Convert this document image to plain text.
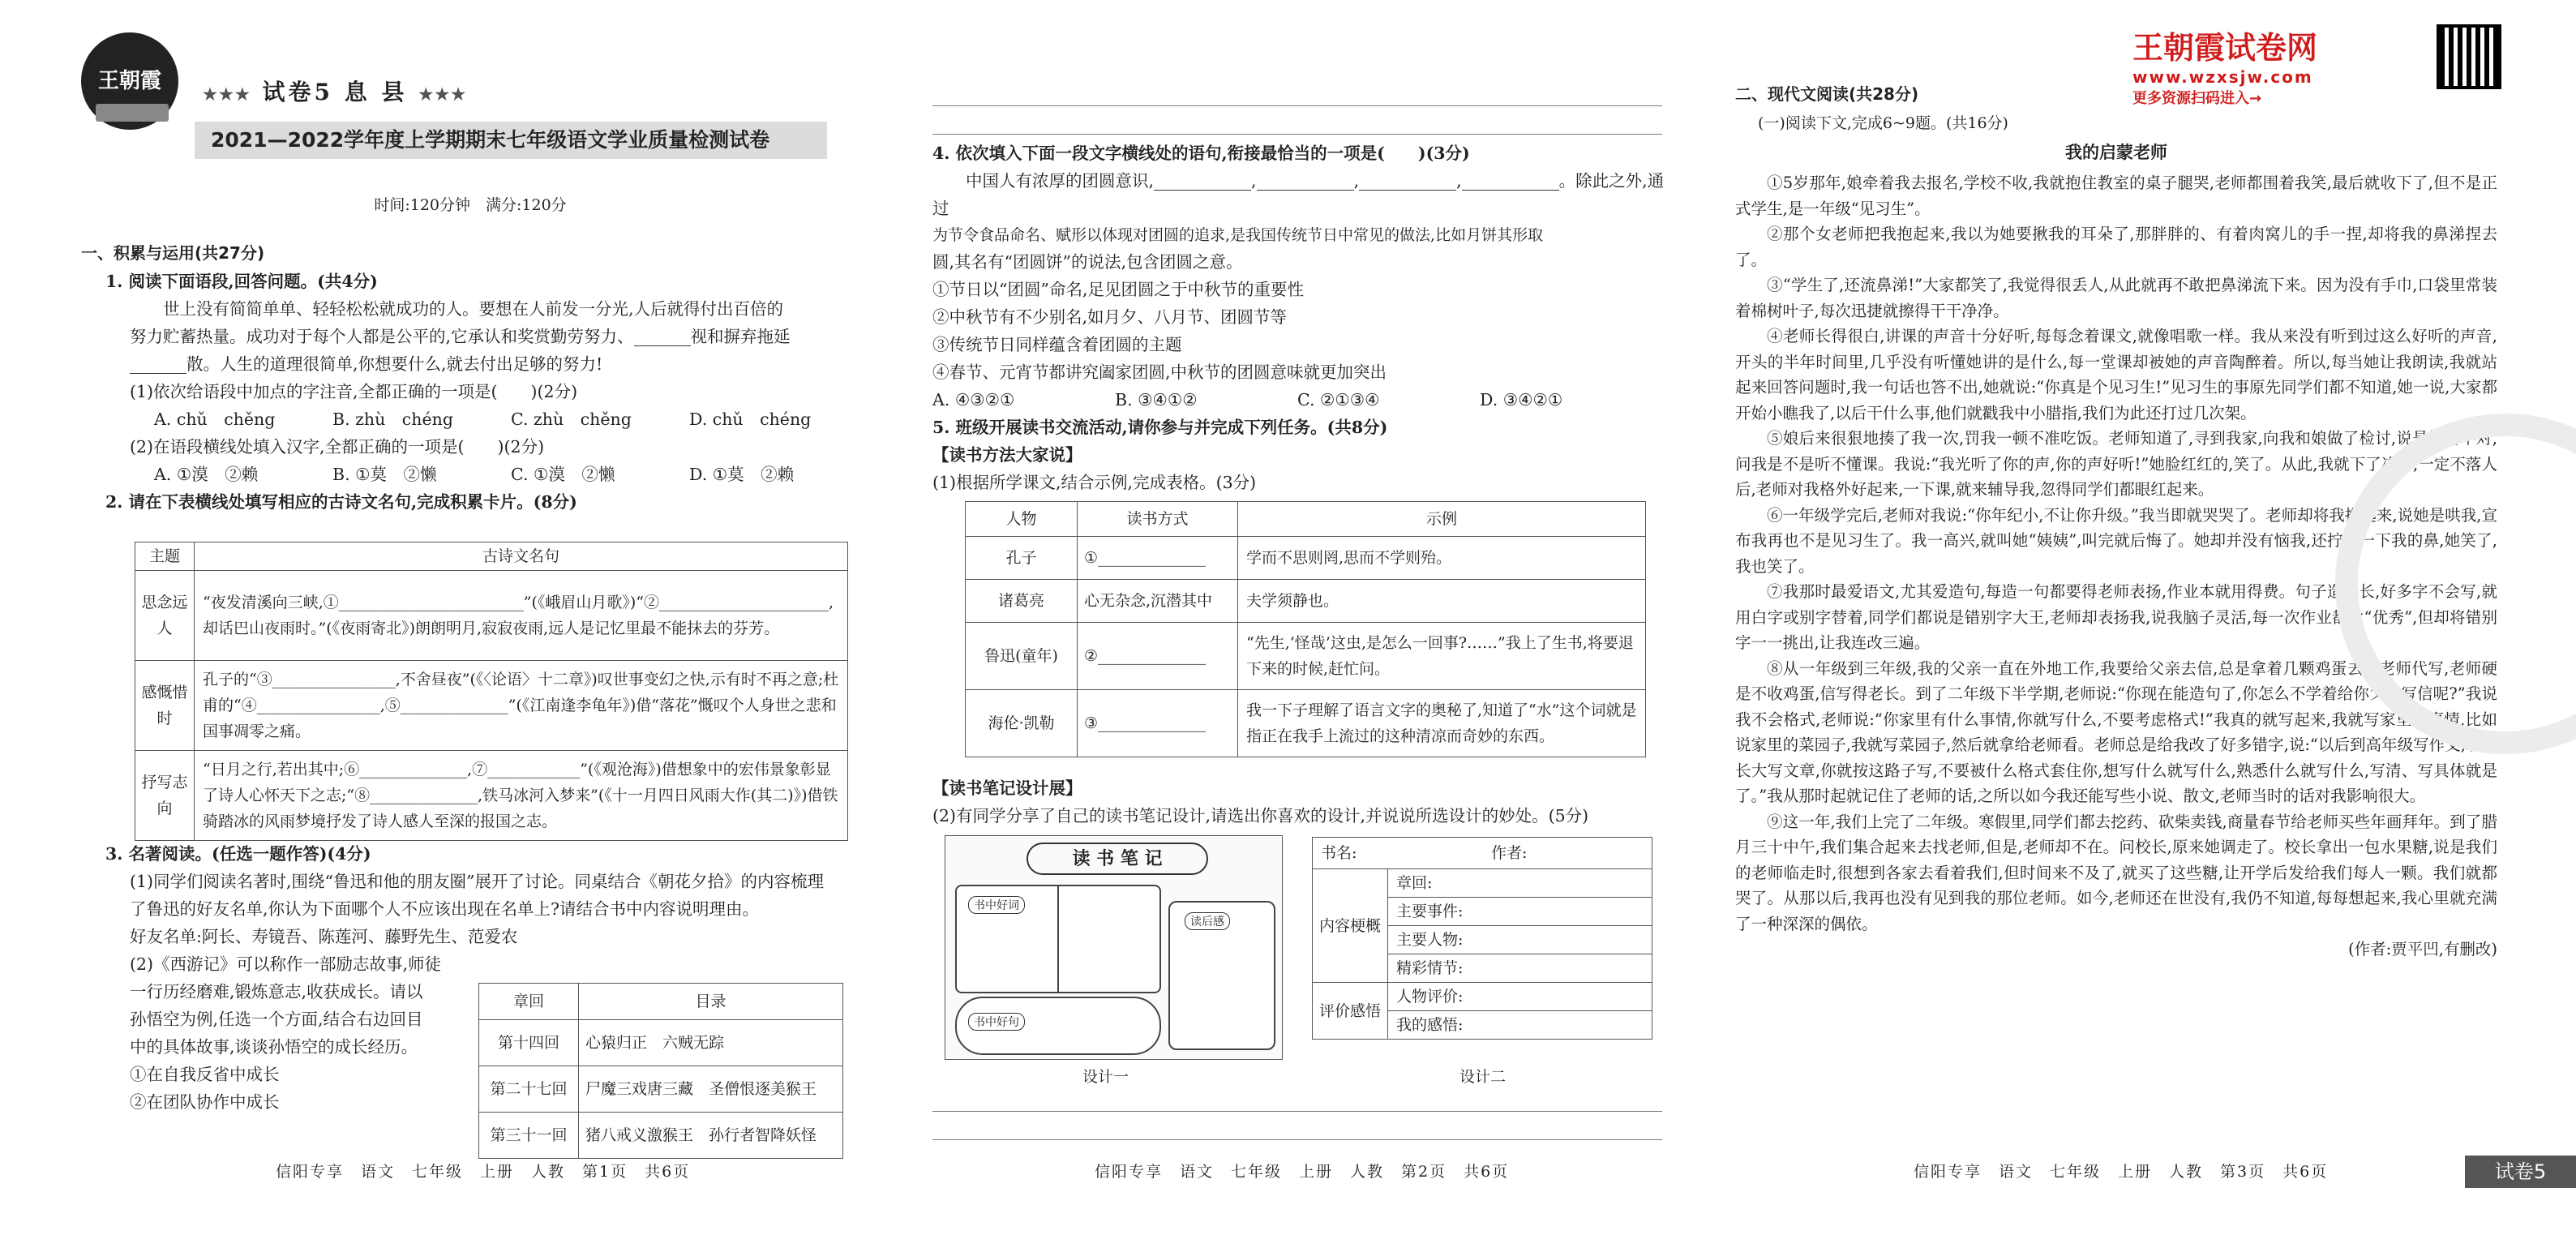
王朝霞
★★★ 试卷5 息 县 ★★★
2021—2022学年度上学期期末七年级语文学业质量检测试卷
时间:120分钟　满分:120分
一、积累与运用(共27分)

1. 阅读下面语段,回答问题。(共4分)

世上没有简简单单、轻轻松松就成功的人。要想在人前发一分光,人后就得付出百倍的

努力贮蓄热量。成功对于每个人都是公平的,它承认和奖赏勤劳努力、	视和摒弃拖延

散。人生的道理很简单,你想要什么,就去付出足够的努力!

(1)依次给语段中加点的字注音,全都正确的一项是(　　)(2分)

A. chǔ　chěng	B. zhù　chéng	C. zhù　chěng	D. chǔ　chéng

(2)在语段横线处填入汉字,全都正确的一项是(　　)(2分)

A. ①漠　②赖	B. ①莫　②懒	C. ①漠　②懒	D. ①莫　②赖

2. 请在下表横线处填写相应的古诗文名句,完成积累卡片。(8分)

主题	古诗文名句
思念远人	“夜发清溪向三峡,①________________________”(《峨眉山月歌》)“②______________________,却话巴山夜雨时。”(《夜雨寄北》)朗朗明月,寂寂夜雨,远人是记忆里最不能抹去的芬芳。
感慨惜时	孔子的“③________________,不舍昼夜”(《〈论语〉十二章》)叹世事变幻之快,示有时不再之意;杜甫的“④________________,⑤______________”(《江南逢李龟年》)借“落花”慨叹个人身世之悲和国事凋零之痛。
抒写志向	“日月之行,若出其中;⑥______________,⑦____________”(《观沧海》)借想象中的宏伟景象彰显了诗人心怀天下之志;“⑧______________,铁马冰河入梦来”(《十一月四日风雨大作(其二)》)借铁骑踏冰的风雨梦境抒发了诗人感人至深的报国之志。

3. 名著阅读。(任选一题作答)(4分)

(1)同学们阅读名著时,围绕“鲁迅和他的朋友圈”展开了讨论。同桌结合《朝花夕拾》的内容梳理

了鲁迅的好友名单,你认为下面哪个人不应该出现在名单上?请结合书中内容说明理由。

好友名单:阿长、寿镜吾、陈莲河、藤野先生、范爱农

(2)《西游记》可以称作一部励志故事,师徒

一行历经磨难,锻炼意志,收获成长。请以

孙悟空为例,任选一个方面,结合右边回目

中的具体故事,谈谈孙悟空的成长经历。

①在自我反省中成长

②在团队协作中成长

章回	目录
第十四回	心猿归正　六贼无踪
第二十七回	尸魔三戏唐三藏　圣僧恨逐美猴王
第三十一回	猪八戒义激猴王　孙行者智降妖怪
信阳专享　语文　七年级　上册　人教　第1页　共6页

4. 依次填入下面一段文字横线处的语句,衔接最恰当的一项是(　　)(3分)

中国人有浓厚的团圆意识,	,	,	,	。除此之外,通过

为节令食品命名、赋形以体现对团圆的追求,是我国传统节日中常见的做法,比如月饼其形取

圆,其名有“团圆饼”的说法,包含团圆之意。

①节日以“团圆”命名,足见团圆之于中秋节的重要性

②中秋节有不少别名,如月夕、八月节、团圆节等

③传统节日同样蕴含着团圆的主题

④春节、元宵节都讲究阖家团圆,中秋节的团圆意味就更加突出

A. ④③②①	B. ③④①②	C. ②①③④	D. ③④②①

5. 班级开展读书交流活动,请你参与并完成下列任务。(共8分)

【读书方法大家说】

(1)根据所学课文,结合示例,完成表格。(3分)

人物	读书方式	示例
孔子	①______________	学而不思则罔,思而不学则殆。
诸葛亮	心无杂念,沉潜其中	夫学须静也。
鲁迅(童年)	②______________	“先生,‘怪哉’这虫,是怎么一回事?……”我上了生书,将要退下来的时候,赶忙问。
海伦·凯勒	③______________	我一下子理解了语言文字的奥秘了,知道了“水”这个词就是指正在我手上流过的这种清凉而奇妙的东西。

【读书笔记设计展】

(2)有同学分享了自己的读书笔记设计,请选出你喜欢的设计,并说说所选设计的妙处。(5分)

读 书 笔 记
书中好词
读后感
书中好句
设计一
书名: 作者:	
内容梗概	章回:
	主要事件:
	主要人物:
	精彩情节:
评价感悟	人物评价:
	我的感悟:
设计二
信阳专享　语文　七年级　上册　人教　第2页　共6页
二、现代文阅读(共28分)
(一)阅读下文,完成6~9题。(共16分)
我的启蒙老师

①5岁那年,娘牵着我去报名,学校不收,我就抱住教室的桌子腿哭,老师都围着我笑,最后就收下了,但不是正式学生,是一年级“见习生”。

②那个女老师把我抱起来,我以为她要揪我的耳朵了,那胖胖的、有着肉窝儿的手一捏,却将我的鼻涕捏去了。

③“学生了,还流鼻涕!”大家都笑了,我觉得很丢人,从此就再不敢把鼻涕流下来。因为没有手巾,口袋里常装着棉树叶子,每次迅捷就擦得干干净净。

④老师长得很白,讲课的声音十分好听,每每念着课文,就像唱歌一样。我从来没有听到过这么好听的声音,开头的半年时间里,几乎没有听懂她讲的是什么,每一堂课却被她的声音陶醉着。所以,每当她让我朗读,我就站起来回答问题时,我一句话也答不出,她就说:“你真是个见习生!”见习生的事原先同学们都不知道,她一说,大家都开始小瞧我了,以后干什么事,他们就戳我中小腊指,我们为此还打过几次架。

⑤娘后来很狠地揍了我一次,罚我一顿不准吃饭。老师知道了,寻到我家,向我和娘做了检讨,说是她的不对,问我是不是听不懂课。我说:“我光听了你的声,你的声好听!”她脸红红的,笑了。从此,我就下了决心,一定不落人后,老师对我格外好起来,一下课,就来辅导我,忽得同学们都眼红起来。

⑥一年级学完后,老师对我说:“你年纪小,不让你升级。”我当即就哭哭了。老师却将我抱起来,说她是哄我,宣布我再也不是见习生了。我一高兴,就叫她“姨姨”,叫完就后悔了。她却并没有恼我,还拧了一下我的鼻,她笑了,我也笑了。

⑦我那时最爱语文,尤其爱造句,每造一句都要得老师表扬,作业本就用得费。句子造得长,好多字不会写,就用白字或别字替着,同学们都说是错别字大王,老师却表扬我,说我脑子灵活,每一次作业都批“优秀”,但却将错别字一一挑出,让我连改三遍。

⑧从一年级到三年级,我的父亲一直在外地工作,我要给父亲去信,总是拿着几颗鸡蛋去求老师代写,老师硬是不收鸡蛋,信写得老长。到了二年级下半学期,老师说:“你现在能造句了,你怎么不学着给你父亲写信呢?”我说我不会格式,老师说:“你家里有什么事情,你就写什么,不要考虑格式!”我真的就写起来,我就写家里的事情,比如说家里的菜园子,我就写菜园子,然后就拿给老师看。老师总是给我改了好多错字,说:“以后到高年级写作文,或者长大写文章,你就按这路子写,不要被什么格式套住你,想写什么就写什么,熟悉什么就写什么,写清、写具体就是了。”我从那时起就记住了老师的话,之所以如今我还能写些小说、散文,老师当时的话对我影响很大。

⑨这一年,我们上完了二年级。寒假里,同学们都去挖药、砍柴卖钱,商量春节给老师买些年画拜年。到了腊月三十中午,我们集合起来去找老师,但是,老师却不在。问校长,原来她调走了。校长拿出一包水果糖,说是我们的老师临走时,很想到各家去看着我们,但时间来不及了,就买了这些糖,让开学后发给我们每人一颗。我们就都哭了。从那以后,我再也没有见到我的那位老师。如今,老师还在世没有,我仍不知道,每每想起来,我心里就充满了一种深深的偶依。

(作者:贾平凹,有删改)

信阳专享　语文　七年级　上册　人教　第3页　共6页
王朝霞试卷网
www.wzxsjw.com
更多资源扫码进入→
试卷5
